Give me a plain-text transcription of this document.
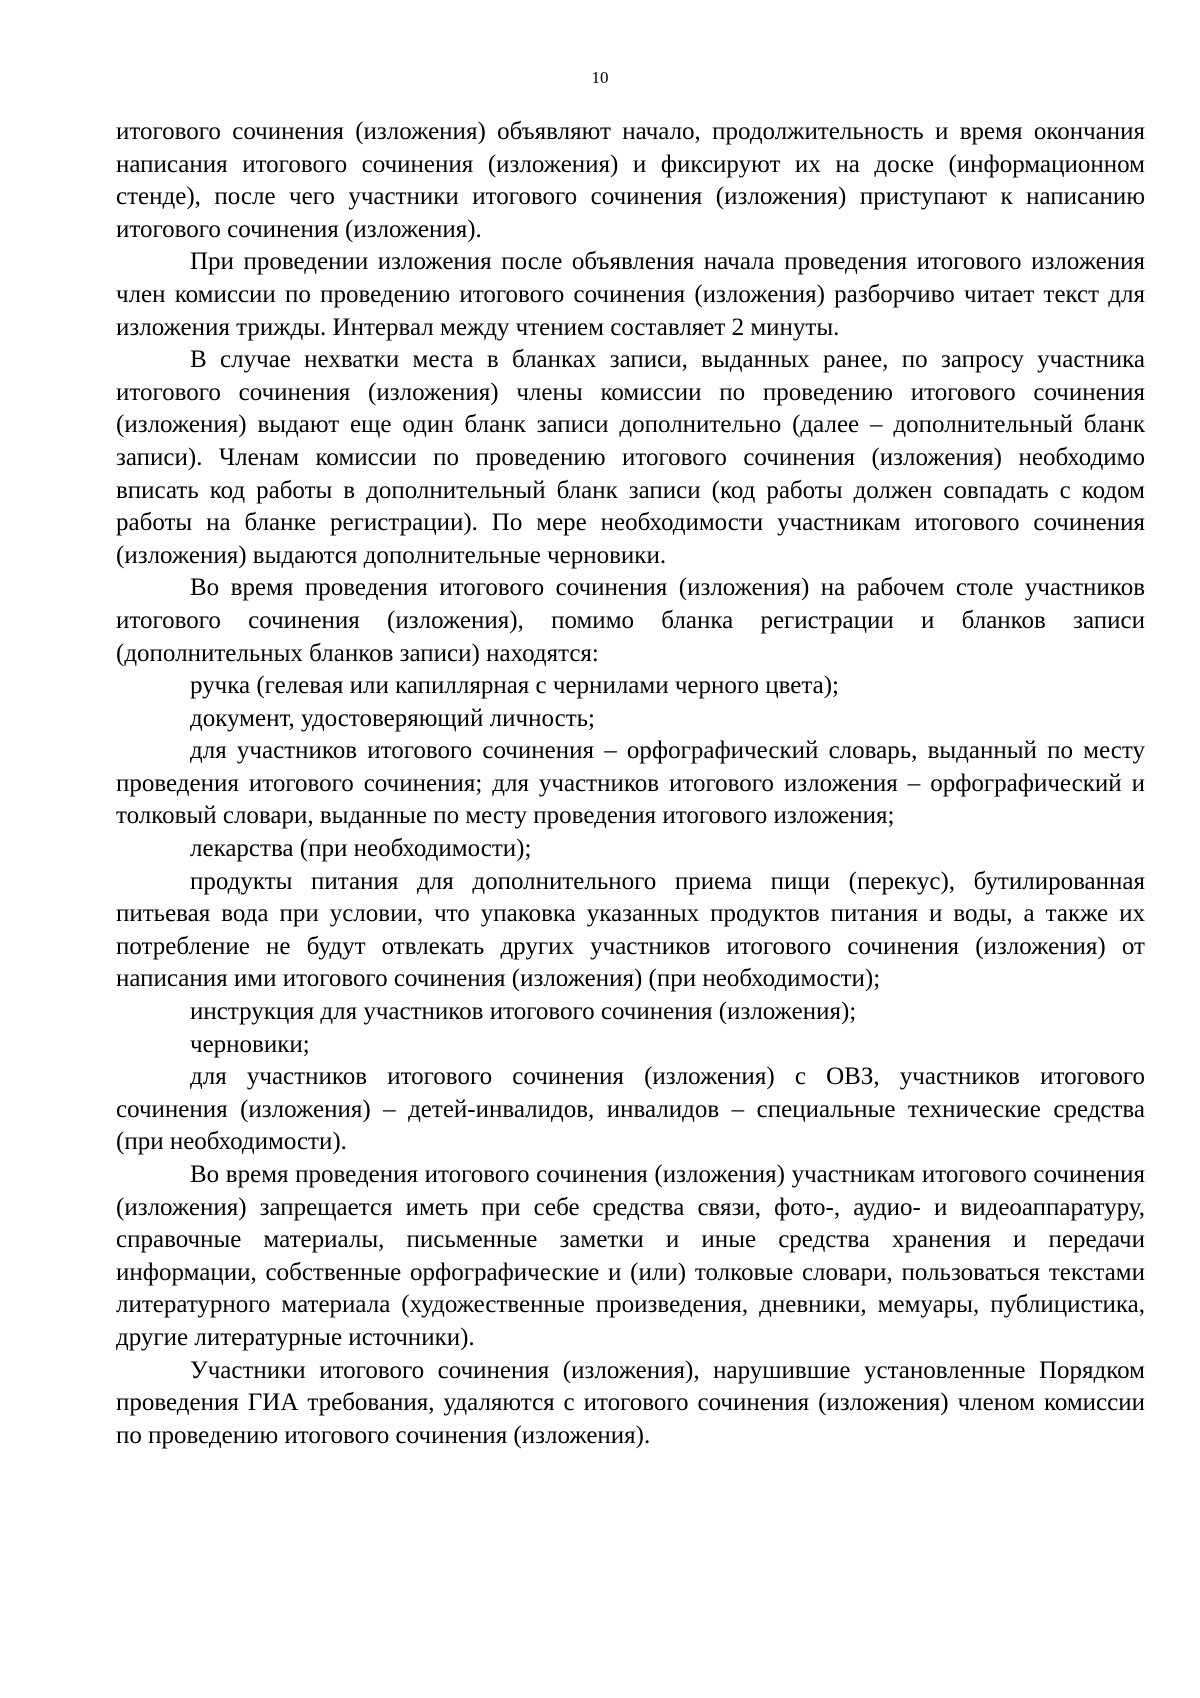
10

итогового сочинения (изложения) объявляют начало, продолжительность и время окончания написания итогового сочинения (изложения) и фиксируют их на доске (информационном стенде), после чего участники итогового сочинения (изложения) приступают к написанию итогового сочинения (изложения).

При проведении изложения после объявления начала проведения итогового изложения член комиссии по проведению итогового сочинения (изложения) разборчиво читает текст для изложения трижды. Интервал между чтением составляет 2 минуты.

В случае нехватки места в бланках записи, выданных ранее, по запросу участника итогового сочинения (изложения) члены комиссии по проведению итогового сочинения (изложения) выдают еще один бланк записи дополнительно (далее – дополнительный бланк записи). Членам комиссии по проведению итогового сочинения (изложения) необходимо вписать код работы в дополнительный бланк записи (код работы должен совпадать с кодом работы на бланке регистрации). По мере необходимости участникам итогового сочинения (изложения) выдаются дополнительные черновики.

Во время проведения итогового сочинения (изложения) на рабочем столе участников итогового сочинения (изложения), помимо бланка регистрации и бланков записи (дополнительных бланков записи) находятся:

ручка (гелевая или капиллярная с чернилами черного цвета);

документ, удостоверяющий личность;

для участников итогового сочинения – орфографический словарь, выданный по месту проведения итогового сочинения; для участников итогового изложения – орфографический и толковый словари, выданные по месту проведения итогового изложения;

лекарства (при необходимости);

продукты питания для дополнительного приема пищи (перекус), бутилированная питьевая вода при условии, что упаковка указанных продуктов питания и воды, а также их потребление не будут отвлекать других участников итогового сочинения (изложения) от написания ими итогового сочинения (изложения) (при необходимости);

инструкция для участников итогового сочинения (изложения);

черновики;

для участников итогового сочинения (изложения) с ОВЗ, участников итогового сочинения (изложения) – детей-инвалидов, инвалидов – специальные технические средства (при необходимости).

Во время проведения итогового сочинения (изложения) участникам итогового сочинения (изложения) запрещается иметь при себе средства связи, фото-, аудио- и видеоаппаратуру, справочные материалы, письменные заметки и иные средства хранения и передачи информации, собственные орфографические и (или) толковые словари, пользоваться текстами литературного материала (художественные произведения, дневники, мемуары, публицистика, другие литературные источники).

Участники итогового сочинения (изложения), нарушившие установленные Порядком проведения ГИА требования, удаляются с итогового сочинения (изложения) членом комиссии по проведению итогового сочинения (изложения).
